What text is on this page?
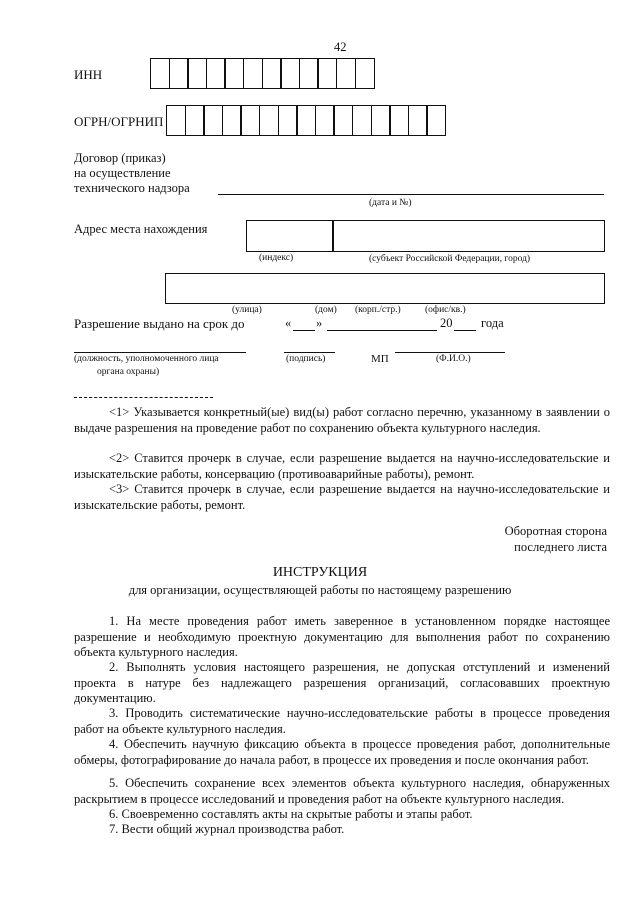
42
ИНН
ОГРН/ОГРНИП
Договор (приказ)
на осуществление
технического надзора
(дата и №)
Адрес места нахождения
(индекс)	(субъект Российской Федерации, город)
(улица)	(дом) (корп./стр.)	(офис/кв.)
Разрешение выдано на срок до	« »	20 года
(должность, уполномоченного лица
органа охраны)
(подпись)	МП	(Ф.И.О.)
<1> Указывается конкретный(ые) вид(ы) работ согласно перечню, указанному в заявлении о выдаче разрешения на проведение работ по сохранению объекта культурного наследия.
<2> Ставится прочерк в случае, если разрешение выдается на научно-исследовательские и изыскательские работы, консервацию (противоаварийные работы), ремонт.
<3> Ставится прочерк в случае, если разрешение выдается на научно-исследовательские и изыскательские работы, ремонт.
Оборотная сторона
последнего листа
ИНСТРУКЦИЯ
для организации, осуществляющей работы по настоящему разрешению
1. На месте проведения работ иметь заверенное в установленном порядке настоящее разрешение и необходимую проектную документацию для выполнения работ по сохранению объекта культурного наследия.
2. Выполнять условия настоящего разрешения, не допуская отступлений и изменений проекта в натуре без надлежащего разрешения организаций, согласовавших проектную документацию.
3. Проводить систематические научно-исследовательские работы в процессе проведения работ на объекте культурного наследия.
4. Обеспечить научную фиксацию объекта в процессе проведения работ, дополнительные обмеры, фотографирование до начала работ, в процессе их проведения и после окончания работ.
5. Обеспечить сохранение всех элементов объекта культурного наследия, обнаруженных раскрытием в процессе исследований и проведения работ на объекте культурного наследия.
6. Своевременно составлять акты на скрытые работы и этапы работ.
7. Вести общий журнал производства работ.
